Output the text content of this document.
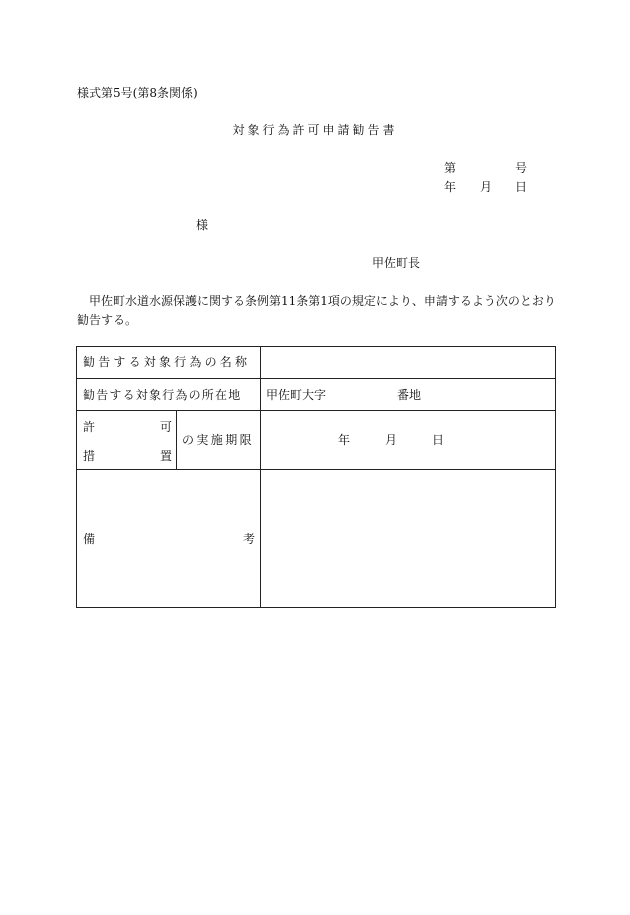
様式第5号(第8条関係)
対象行為許可申請勧告書
第	号
年 月 日
様
甲佐町長
甲佐町水道水源保護に関する条例第11条第1項の規定により、申請するよう次のとおり勧告する。
勧告する対象行為の名称
勧告する対象行為の所在地 甲佐町大字	番地
許	可
措	置
の実施期限	年	月	日
備	考
